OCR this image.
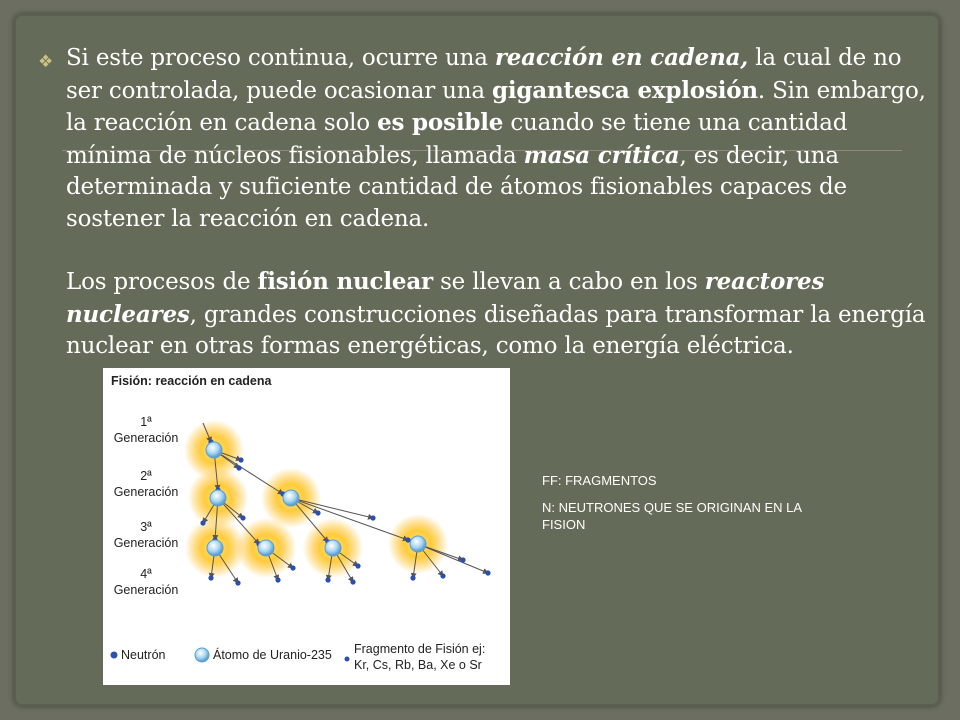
❖ Si este proceso continua, ocurre una reacción en cadena, la cual de no ser controlada, puede ocasionar una gigantesca explosión. Sin embargo, la reacción en cadena solo es posible cuando se tiene una cantidad mínima de núcleos fisionables, llamada masa crítica, es decir, una determinada y suficiente cantidad de átomos fisionables capaces de sostener la reacción en cadena.

Los procesos de fisión nuclear se llevan a cabo en los reactores nucleares, grandes construcciones diseñadas para transformar la energía nuclear en otras formas energéticas, como la energía eléctrica.

Fisión: reacción en cadena
1ª
Generación
2ª
Generación
3ª
Generación
4ª
Generación
Neutrón	Átomo de Uranio-235 Fragmento de Fisión ej:
Kr, Cs, Rb, Ba, Xe o Sr
FF: FRAGMENTOS
N: NEUTRONES QUE SE ORIGINAN EN LA FISION
